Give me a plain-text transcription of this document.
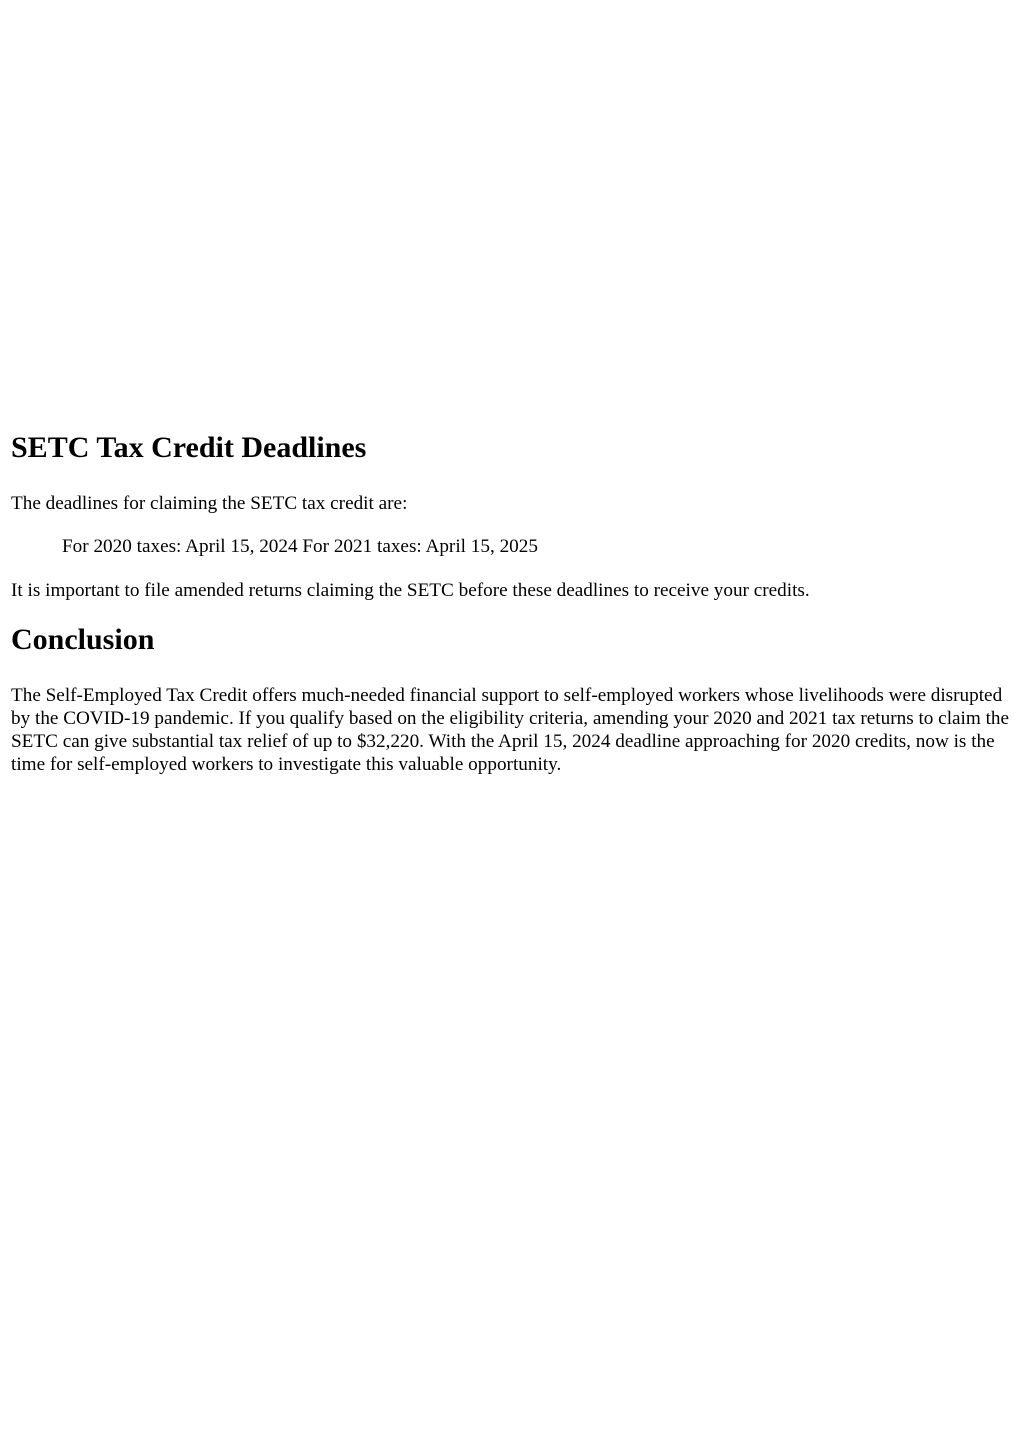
SETC Tax Credit Deadlines

The deadlines for claiming the SETC tax credit are:

For 2020 taxes: April 15, 2024 For 2021 taxes: April 15, 2025

It is important to file amended returns claiming the SETC before these deadlines to receive your credits.

Conclusion

The Self-Employed Tax Credit offers much-needed financial support to self-employed workers whose livelihoods were disrupted by the COVID-19 pandemic. If you qualify based on the eligibility criteria, amending your 2020 and 2021 tax returns to claim the SETC can give substantial tax relief of up to $32,220. With the April 15, 2024 deadline approaching for 2020 credits, now is the time for self-employed workers to investigate this valuable opportunity.
